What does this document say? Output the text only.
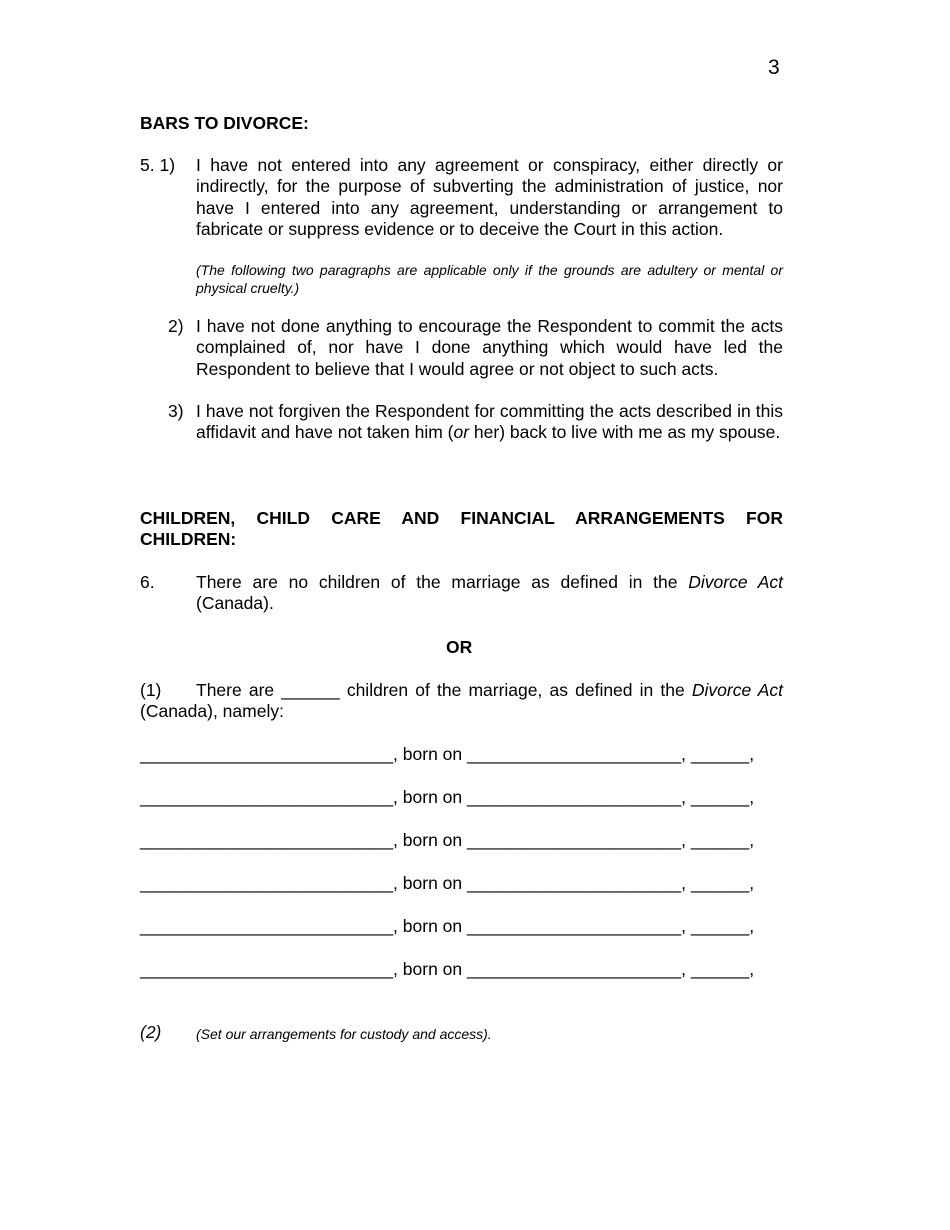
3
BARS TO DIVORCE:
5. 1) I have not entered into any agreement or conspiracy, either directly or indirectly, for the purpose of subverting the administration of justice, nor have I entered into any agreement, understanding or arrangement to fabricate or suppress evidence or to deceive the Court in this action.
(The following two paragraphs are applicable only if the grounds are adultery or mental or physical cruelty.)
2) I have not done anything to encourage the Respondent to commit the acts complained of, nor have I done anything which would have led the Respondent to believe that I would agree or not object to such acts.
3) I have not forgiven the Respondent for committing the acts described in this affidavit and have not taken him (or her) back to live with me as my spouse.
CHILDREN, CHILD CARE AND FINANCIAL ARRANGEMENTS FOR CHILDREN:
6. There are no children of the marriage as defined in the Divorce Act (Canada).
OR
(1)	There are ______ children of the marriage, as defined in the Divorce Act (Canada), namely:
__________________________, born on ______________________, ______,
__________________________, born on ______________________, ______,
__________________________, born on ______________________, ______,
__________________________, born on ______________________, ______,
__________________________, born on ______________________, ______,
__________________________, born on ______________________, ______,
(2) (Set our arrangements for custody and access).
